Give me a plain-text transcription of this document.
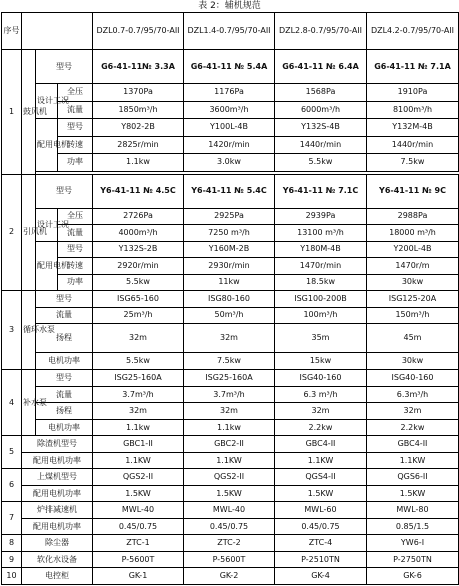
表 2：辅机规范
序号				DZL0.7-0.7/95/70-AII	DZL1.4-0.7/95/70-AII	DZL2.8-0.7/95/70-AII	DZL4.2-0.7/95/70-AII
1	鼓风机	型号		G6-41-11№ 3.3A	G6-41-11 № 5.4A	G6-41-11 № 6.4A	G6-41-11 № 7.1A
		设计工况	全压	1370Pa	1176Pa	1568Pa	1910Pa
			流量	1850m³/h	3600m³/h	6000m³/h	8100m³/h
		配用电机	型号	Y802-2B	Y100L-4B	Y132S-4B	Y132M-4B
			转速	2825r/min	1420r/min	1440r/min	1440r/min
			功率	1.1kw	3.0kw	5.5kw	7.5kw

2	引风机	型号		Y6-41-11 № 4.5C	Y6-41-11 № 5.4C	Y6-41-11 № 7.1C	Y6-41-11 № 9C
		设计工况	全压	2726Pa	2925Pa	2939Pa	2988Pa
			流量	4000m³/h	7250 m³/h	13100 m³/h	18000 m³/h
		配用电机	型号	Y132S-2B	Y160M-2B	Y180M-4B	Y200L-4B
			转速	2920r/min	2930r/min	1470r/min	1470r/m
			功率	5.5kw	11kw	18.5kw	30kw
3	循环水泵	型号		ISG65-160	ISG80-160	ISG100-200B	ISG125-20A
		流量		25m³/h	50m³/h	100m³/h	150m³/h
		扬程		32m	32m	35m	45m
		电机功率		5.5kw	7.5kw	15kw	30kw
4	补水泵	型号		ISG25-160A	ISG25-160A	ISG40-160	ISG40-160
		流量		3.7m³/h	3.7m³/h	6.3 m³/h	6.3m³/h
		扬程		32m	32m	32m	32m
		电机功率		1.1kw	1.1kw	2.2kw	2.2kw
5	除渣机型号			GBC1-II	GBC2-II	GBC4-II	GBC4-II
	配用电机功率			1.1KW	1.1KW	1.1KW	1.1KW
6	上煤机型号			QGS2-II	QGS2-II	QGS4-II	QGS6-II
	配用电机功率			1.5KW	1.5KW	1.5KW	1.5KW
7	炉排减速机			MWL-40	MWL-40	MWL-60	MWL-80
	配用电机功率			0.45/0.75	0.45/0.75	0.45/0.75	0.85/1.5
8	除尘器			ZTC-1	ZTC-2	ZTC-4	YW6-I
9	软化水设备			P-5600T	P-5600T	P-2510TN	P-2750TN
10	电控柜			GK-1	GK-2	GK-4	GK-6
